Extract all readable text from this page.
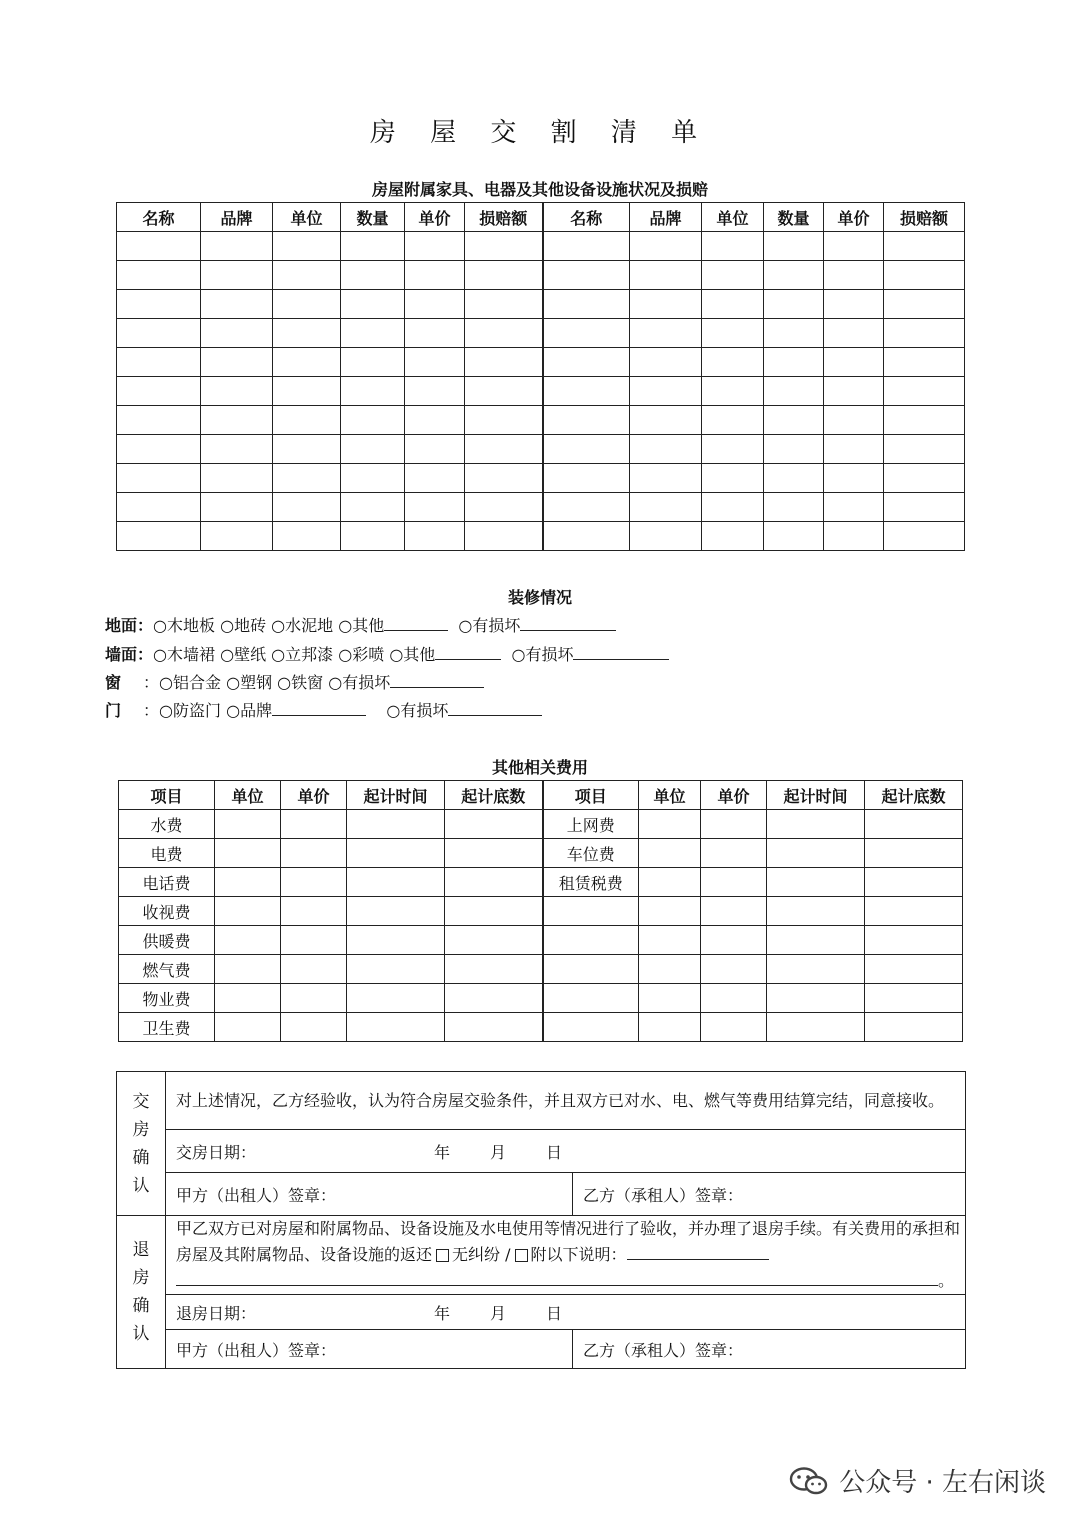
房 屋 交 割 清 单
房屋附属家具、电器及其他设备设施状况及损赔
名称	品牌	单位	数量	单价	损赔额	名称	品牌	单位	数量	单价	损赔额

装修情况
地面：○木地板 ○地砖 ○水泥地 ○其他	○有损坏
墙面：○木墙裙 ○壁纸 ○立邦漆 ○彩喷 ○其他	○有损坏
窗 ：○铝合金 ○塑钢 ○铁窗 ○有损坏
门 ：○防盗门 ○品牌	○有损坏
其他相关费用
项目	单位	单价	起计时间	起计底数	项目	单位	单价	起计时间	起计底数
水费					上网费				
电费					车位费				
电话费					租赁税费				
收视费									
供暖费									
燃气费									
物业费									
卫生费									
交
房
确
认	对上述情况，乙方经验收，认为符合房屋交验条件，并且双方已对水、电、燃气等费用结算完结，同意接收。	
	交房日期： 年 月 日	
	甲方（出租人）签章：	乙方（承租人）签章：
退
房
确
认	甲乙双方已对房屋和附属物品、设备设施及水电使用等情况进行了验收，并办理了退房手续。有关费用的承担和房屋及其附属物品、设备设施的返还 无纠纷 / 附以下说明：
。	
	退房日期： 年 月 日	
	甲方（出租人）签章：	乙方（承租人）签章：
公众号 · 左右闲谈
